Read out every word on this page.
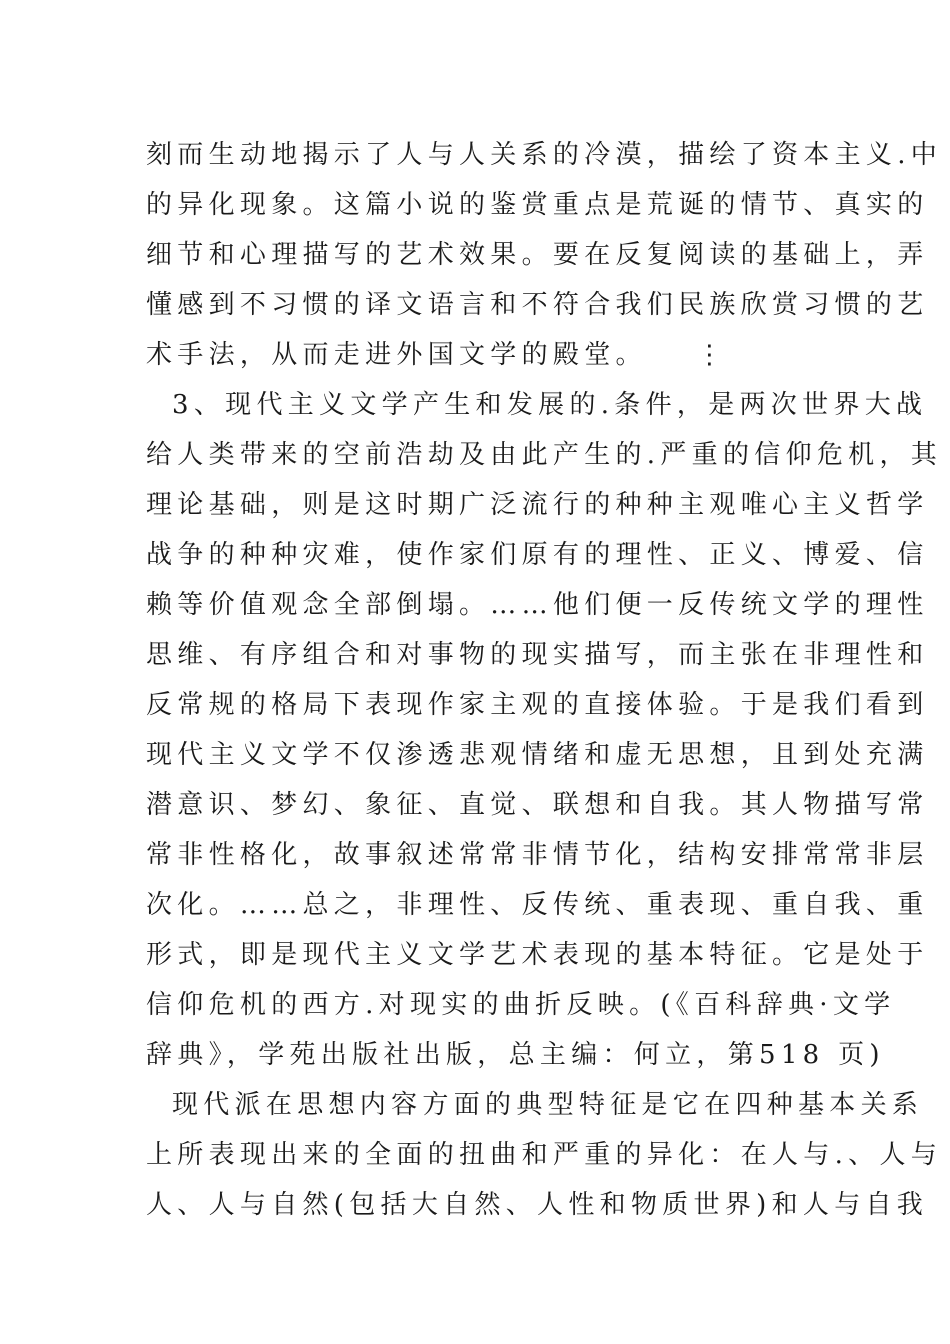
刻而生动地揭示了人与人关系的冷漠，描绘了资本主义.中
的异化现象。这篇小说的鉴赏重点是荒诞的情节、真实的
细节和心理描写的艺术效果。要在反复阅读的基础上，弄
懂感到不习惯的译文语言和不符合我们民族欣赏习惯的艺
术手法，从而走进外国文学的殿堂。　　⋮
3、现代主义文学产生和发展的.条件，是两次世界大战
给人类带来的空前浩劫及由此产生的.严重的信仰危机，其
理论基础，则是这时期广泛流行的种种主观唯心主义哲学
战争的种种灾难，使作家们原有的理性、正义、博爱、信
赖等价值观念全部倒塌。……他们便一反传统文学的理性
思维、有序组合和对事物的现实描写，而主张在非理性和
反常规的格局下表现作家主观的直接体验。于是我们看到
现代主义文学不仅渗透悲观情绪和虚无思想，且到处充满
潜意识、梦幻、象征、直觉、联想和自我。其人物描写常
常非性格化，故事叙述常常非情节化，结构安排常常非层
次化。……总之，非理性、反传统、重表现、重自我、重
形式，即是现代主义文学艺术表现的基本特征。它是处于
信仰危机的西方.对现实的曲折反映。(《百科辞典·文学
辞典》，学苑出版社出版，总主编：何立，第518 页)
现代派在思想内容方面的典型特征是它在四种基本关系
上所表现出来的全面的扭曲和严重的异化：在人与.、人与
人、人与自然(包括大自然、人性和物质世界)和人与自我
